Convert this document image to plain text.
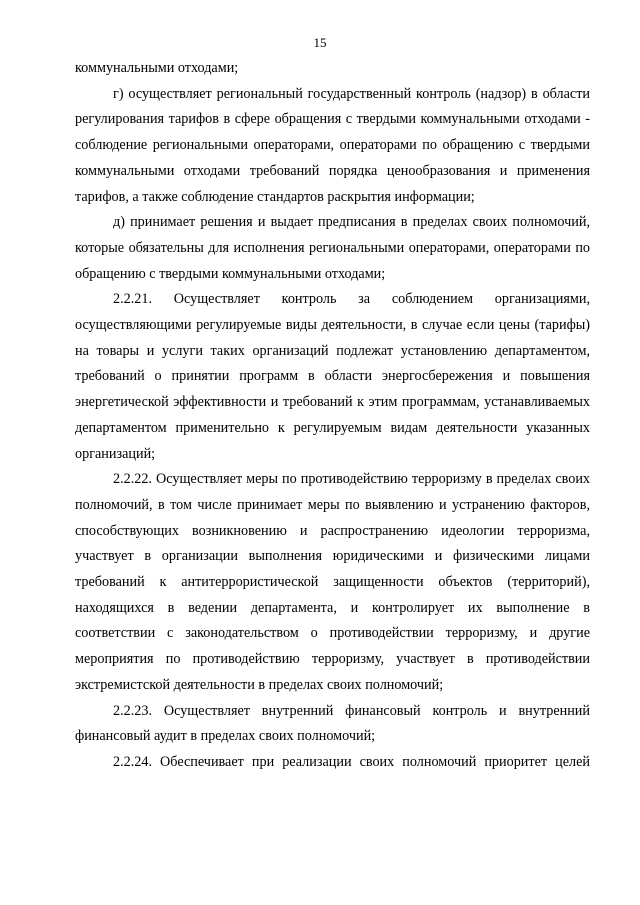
15

коммунальными отходами;

г) осуществляет региональный государственный контроль (надзор) в области регулирования тарифов в сфере обращения с твердыми коммунальными отходами - соблюдение региональными операторами, операторами по обращению с твердыми коммунальными отходами требований порядка ценообразования и применения тарифов, а также соблюдение стандартов раскрытия информации;

д) принимает решения и выдает предписания в пределах своих полномочий, которые обязательны для исполнения региональными операторами, операторами по обращению с твердыми коммунальными отходами;

2.2.21. Осуществляет контроль за соблюдением организациями, осуществляющими регулируемые виды деятельности, в случае если цены (тарифы) на товары и услуги таких организаций подлежат установлению департаментом, требований о принятии программ в области энергосбережения и повышения энергетической эффективности и требований к этим программам, устанавливаемых департаментом применительно к регулируемым видам деятельности указанных организаций;

2.2.22. Осуществляет меры по противодействию терроризму в пределах своих полномочий, в том числе принимает меры по выявлению и устранению факторов, способствующих возникновению и распространению идеологии терроризма, участвует в организации выполнения юридическими и физическими лицами требований к антитеррористической защищенности объектов (территорий), находящихся в ведении департамента, и контролирует их выполнение в соответствии с законодательством о противодействии терроризму, и другие мероприятия по противодействию терроризму, участвует в противодействии экстремистской деятельности в пределах своих полномочий;

2.2.23. Осуществляет внутренний финансовый контроль и внутренний финансовый аудит в пределах своих полномочий;

2.2.24. Обеспечивает при реализации своих полномочий приоритет целей
